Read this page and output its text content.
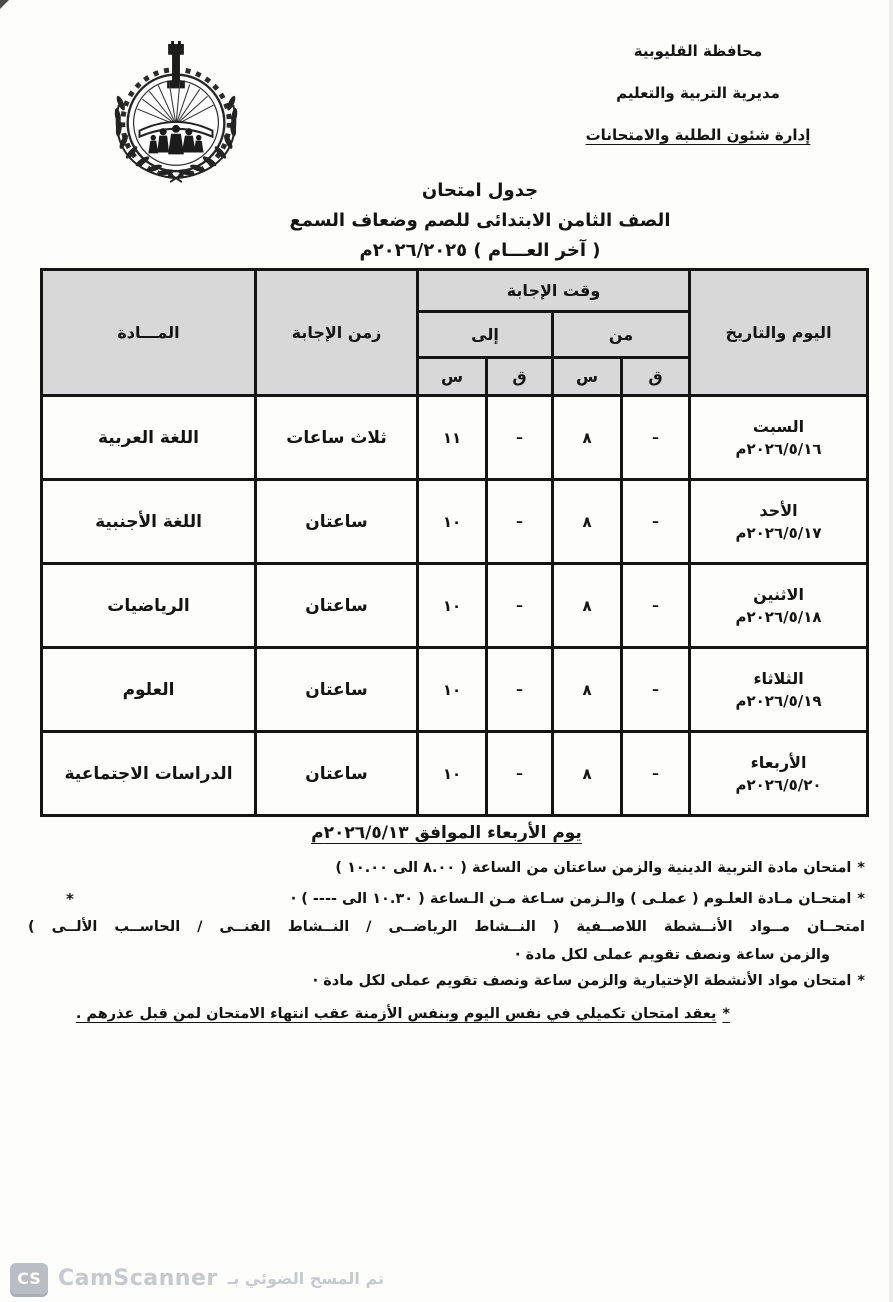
محافظة القليوبية
مديرية التربية والتعليم
إدارة شئون الطلبة والامتحانات
جدول امتحان
الصف الثامن الابتدائى للصم وضعاف السمع
( آخر العـــام ) ٢٠٢٦/٢٠٢٥م
اليوم والتاريخ	وقت الإجابة				زمن الإجابة	المـــادة
	من		إلى			
	ق	س	ق	س		

السبت
٢٠٢٦/٥/١٦م	–	٨	–	١١	ثلاث ساعات	اللغة العربية

الأحد
٢٠٢٦/٥/١٧م	–	٨	–	١٠	ساعتان	اللغة الأجنبية

الاثنين
٢٠٢٦/٥/١٨م	–	٨	–	١٠	ساعتان	الرياضيات

الثلاثاء
٢٠٢٦/٥/١٩م	–	٨	–	١٠	ساعتان	العلوم

الأربعاء
٢٠٢٦/٥/٢٠م	–	٨	–	١٠	ساعتان	الدراسات الاجتماعية
يوم الأربعاء الموافق ٢٠٢٦/٥/١٣م
*امتحان مادة التربية الدينية والزمن ساعتان من الساعة ( ٨.٠٠ الى ١٠.٠٠ )
*امتحـان مـادة العلـوم ( عملـى ) والـزمن سـاعة مـن الـساعة ( ١٠.٣٠ الى ---- ) ·
امتحــان مــواد الأنــشطة اللاصــفية ( النــشاط الرياضــى / النــشاط الفنــى / الحاســب الألــى )
والزمن ساعة ونصف تقويم عملى لكل مادة ·
*امتحان مواد الأنشطة الإختيارية والزمن ساعة ونصف تقويم عملى لكل مادة ·
*يعقد امتحان تكميلي في نفس اليوم وبنفس الأزمنة عقب انتهاء الامتحان لمن قبل عذرهم .
*
CS CamScanner تم المسح الضوئي بـ
